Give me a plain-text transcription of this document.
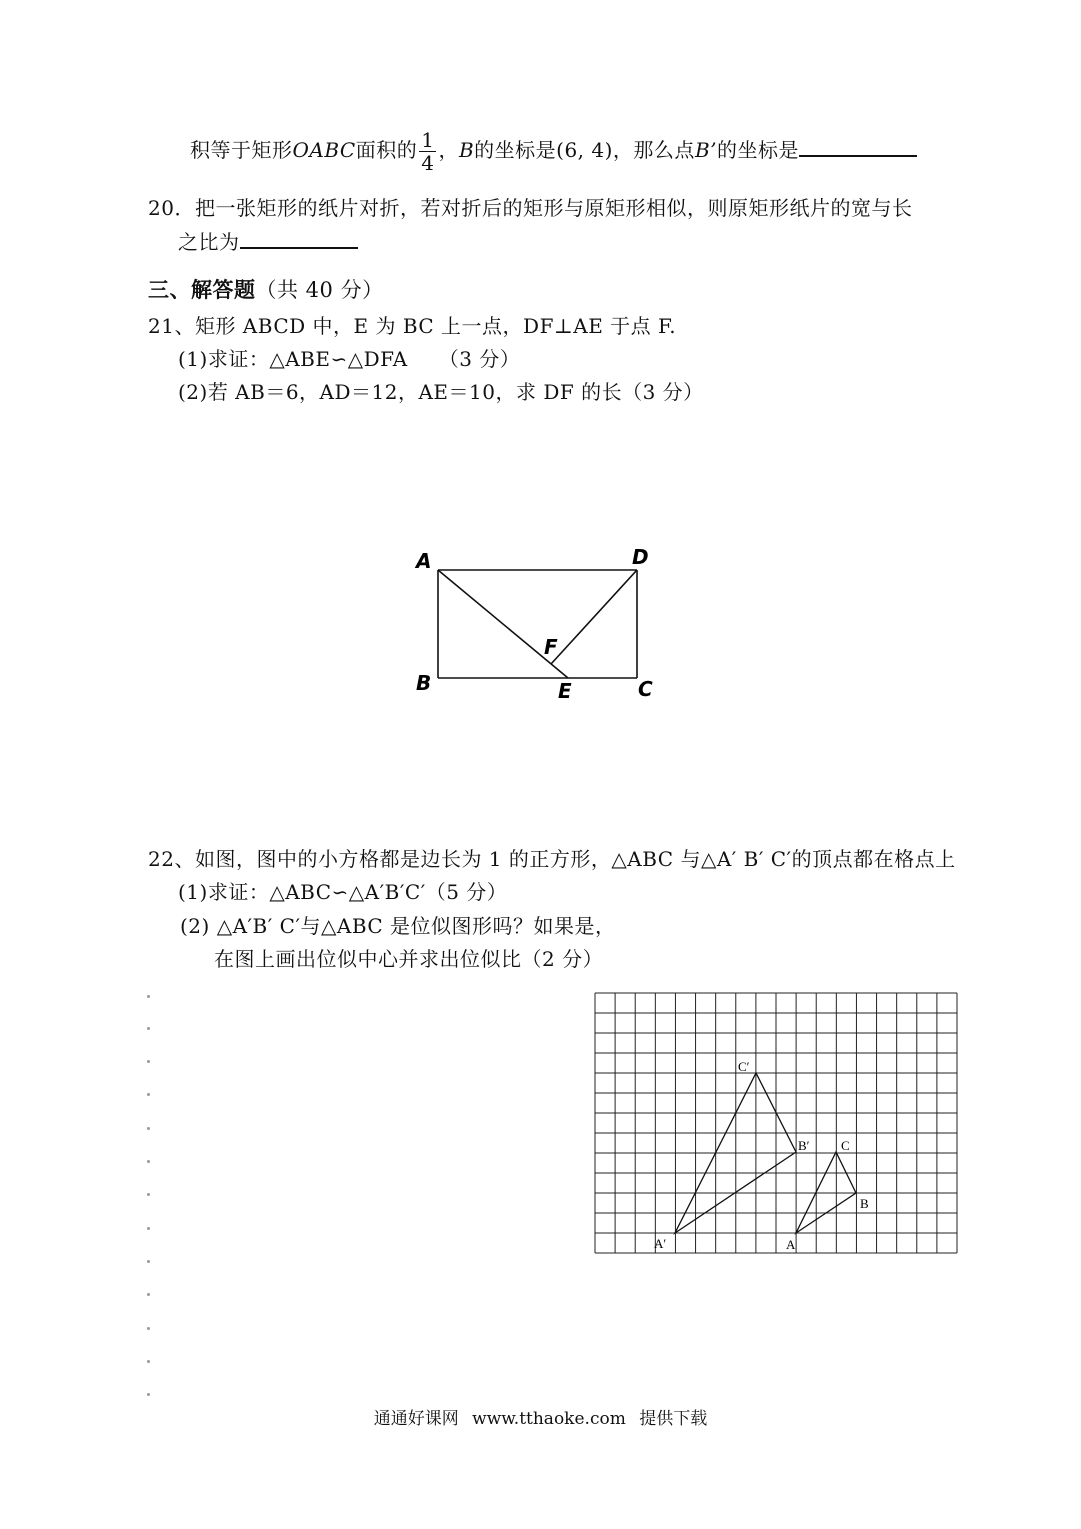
积等于矩形OABC面积的 $\frac{1}{4}$ ，B的坐标是(6, 4)，那么点B’的坐标是
20．把一张矩形的纸片对折，若对折后的矩形与原矩形相似，则原矩形纸片的宽与长
之比为
三、解答题（共 40 分）
21、矩形 ABCD 中，E 为 BC 上一点，DF⊥AE 于点 F.
(1)求证：△ABE∽△DFA　　（3 分）
(2)若 AB＝6，AD＝12，AE＝10，求 DF 的长（3 分）
A	D
B	C
E
F
22、如图，图中的小方格都是边长为 1 的正方形，△ABC 与△A′ B′ C′的顶点都在格点上
(1)求证：△ABC∽△A′B′C′（5 分）
(2) △A′B′ C′与△ABC 是位似图形吗？如果是，
在图上画出位似中心并求出位似比（2 分）
C′
B′
A′
C
B
A
通通好课网 www.tthaoke.com 提供下载
